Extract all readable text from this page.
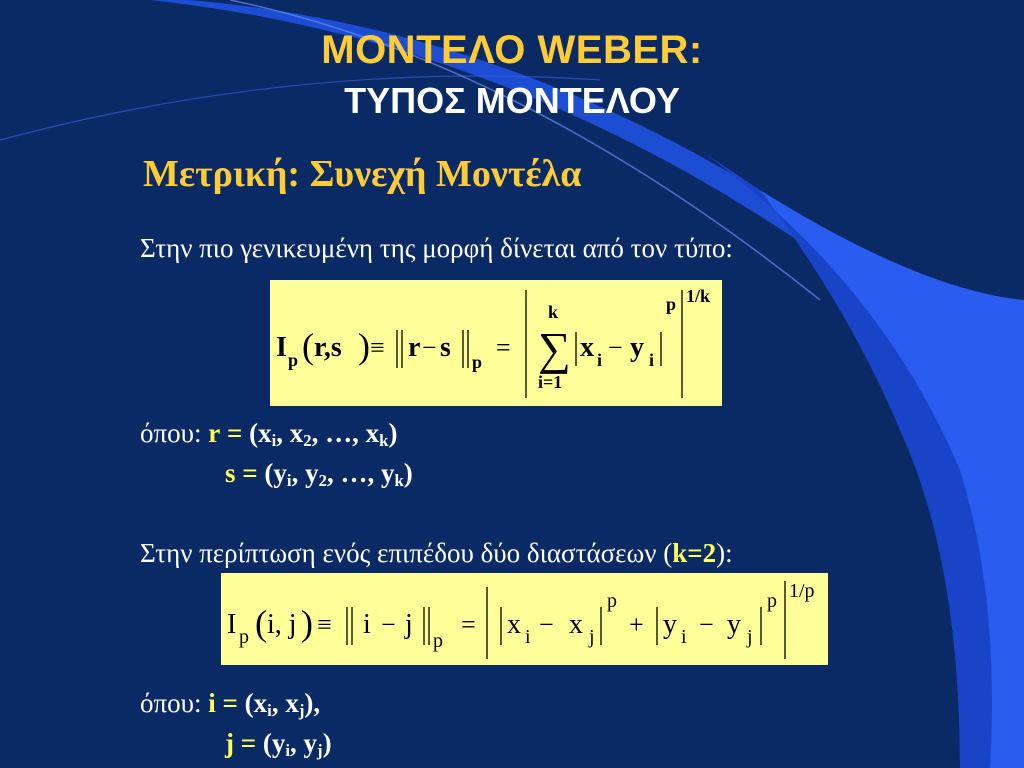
ΜΟΝΤΕΛΟ WEBER:
ΤΥΠΟΣ ΜΟΝΤΕΛΟΥ
Μετρική: Συνεχή Μοντέλα
Στην πιο γενικευμένη της μορφή δίνεται από τον τύπο:
I p ( r,s ) ≡ r − s p =
k
∑
i=1
x i − y i
p 1/k
όπου: $r = (x_i$, $x_2$, …, $x_k$)
$s = (y_i$, $y_2$, …, $y_k$)
Στην περίπτωση ενός επιπέδου δύο διαστάσεων (k=2):
I p ( i, j ) ≡ i − j
p
= x i − x j
p
+ y i − y j
p 1/p
όπου: $i = (x_i$, $x_j$),
$j = (y_i$, $y_j$)
